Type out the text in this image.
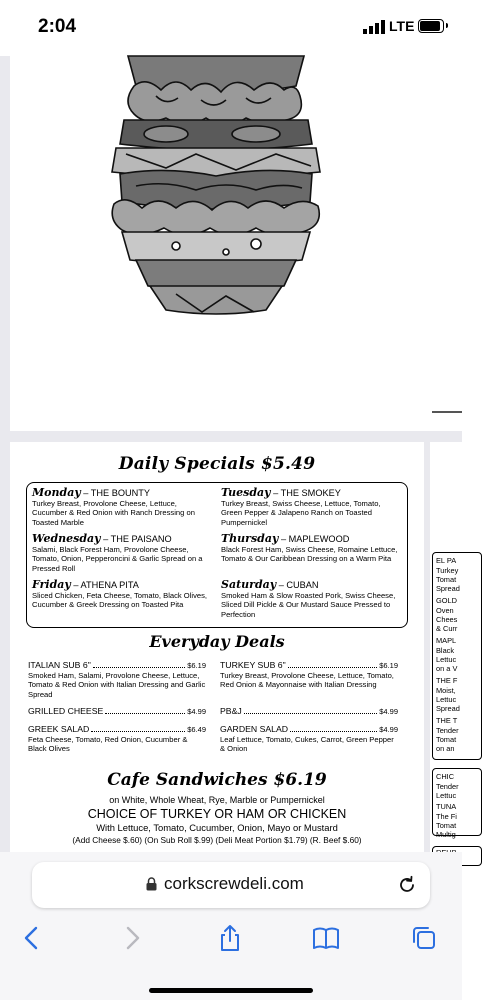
2:04	LTE
Daily Specials $5.49
Monday – THE BOUNTY
Turkey Breast, Provolone Cheese, Lettuce, Cucumber & Red Onion with Ranch Dressing on Toasted Marble
Tuesday – THE SMOKEY
Turkey Breast, Swiss Cheese, Lettuce, Tomato, Green Pepper & Jalapeno Ranch on Toasted Pumpernickel
Wednesday – THE PAISANO
Salami, Black Forest Ham, Provolone Cheese, Tomato, Onion, Pepperoncini & Garlic Spread on a Pressed Roll
Thursday – MAPLEWOOD
Black Forest Ham, Swiss Cheese, Romaine Lettuce, Tomato & Our Caribbean Dressing on a Warm Pita
Friday – ATHENA PITA
Sliced Chicken, Feta Cheese, Tomato, Black Olives, Cucumber & Greek Dressing on Toasted Pita
Saturday – CUBAN
Smoked Ham & Slow Roasted Pork, Swiss Cheese, Sliced Dill Pickle & Our Mustard Sauce Pressed to Perfection
Everyday Deals
ITALIAN SUB 6"	$6.19
Smoked Ham, Salami, Provolone Cheese, Lettuce, Tomato & Red Onion with Italian Dressing and Garlic Spread
TURKEY SUB 6"	$6.19
Turkey Breast, Provolone Cheese, Lettuce, Tomato, Red Onion & Mayonnaise with Italian Dressing
GRILLED CHEESE	$4.99 PB&J	$4.99
GREEK SALAD	$6.49
Feta Cheese, Tomato, Red Onion, Cucumber & Black Olives
GARDEN SALAD	$4.99
Leaf Lettuce, Tomato, Cukes, Carrot, Green Pepper & Onion
Cafe Sandwiches $6.19
on White, Whole Wheat, Rye, Marble or Pumpernickel
CHOICE OF TURKEY OR HAM OR CHICKEN
With Lettuce, Tomato, Cucumber, Onion, Mayo or Mustard
(Add Cheese $.60) (On Sub Roll $.99) (Deli Meat Portion $1.79) (R. Beef $.60)
EL PA
Turkey
Tomat
Spread
GOLD
Oven
Chees
& Curr
MAPL
Black
Lettuc
on a V
THE F
Moist,
Lettuc
Spread
THE T
Tender
Tomat
on an
CHIC
Tender
Lettuc
TUNA
The Fi
Tomat
Multig
corkscrewdeli.com
